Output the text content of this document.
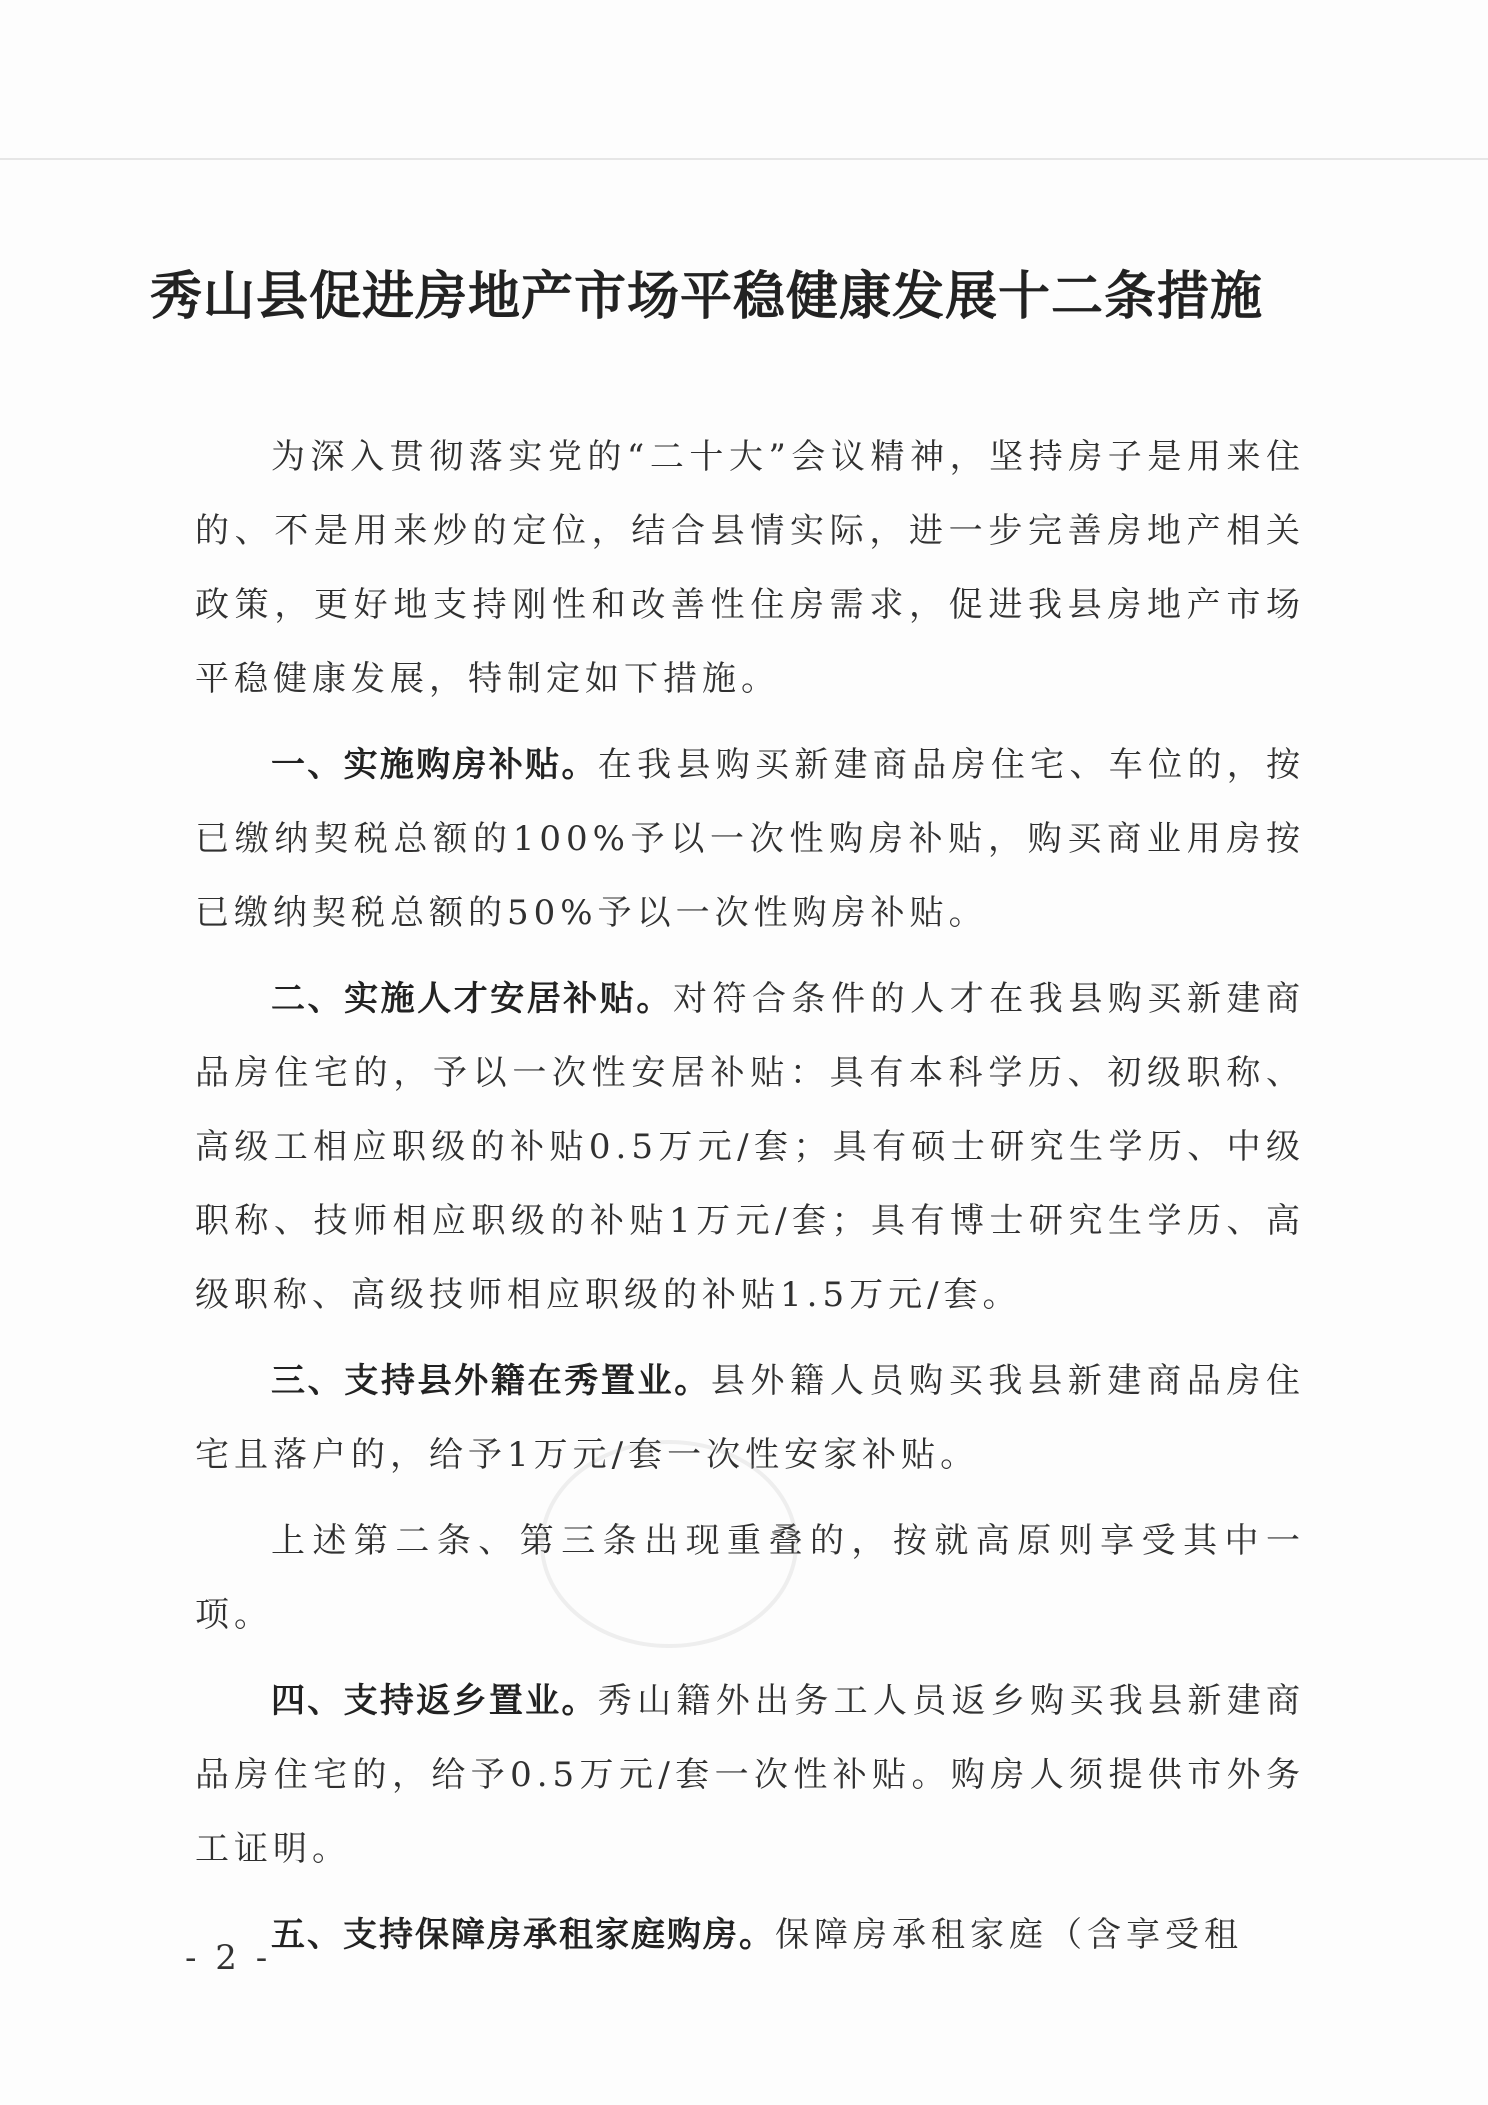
秀山县促进房地产市场平稳健康发展十二条措施

为深入贯彻落实党的“二十大”会议精神，坚持房子是用来住的、不是用来炒的定位，结合县情实际，进一步完善房地产相关政策，更好地支持刚性和改善性住房需求，促进我县房地产市场平稳健康发展，特制定如下措施。

一、实施购房补贴。在我县购买新建商品房住宅、车位的，按已缴纳契税总额的100%予以一次性购房补贴，购买商业用房按已缴纳契税总额的50%予以一次性购房补贴。

二、实施人才安居补贴。对符合条件的人才在我县购买新建商品房住宅的，予以一次性安居补贴：具有本科学历、初级职称、高级工相应职级的补贴0.5万元/套；具有硕士研究生学历、中级职称、技师相应职级的补贴1万元/套；具有博士研究生学历、高级职称、高级技师相应职级的补贴1.5万元/套。

三、支持县外籍在秀置业。县外籍人员购买我县新建商品房住宅且落户的，给予1万元/套一次性安家补贴。

上述第二条、第三条出现重叠的，按就高原则享受其中一项。

四、支持返乡置业。秀山籍外出务工人员返乡购买我县新建商品房住宅的，给予0.5万元/套一次性补贴。购房人须提供市外务工证明。

五、支持保障房承租家庭购房。保障房承租家庭（含享受租

- 2 -
